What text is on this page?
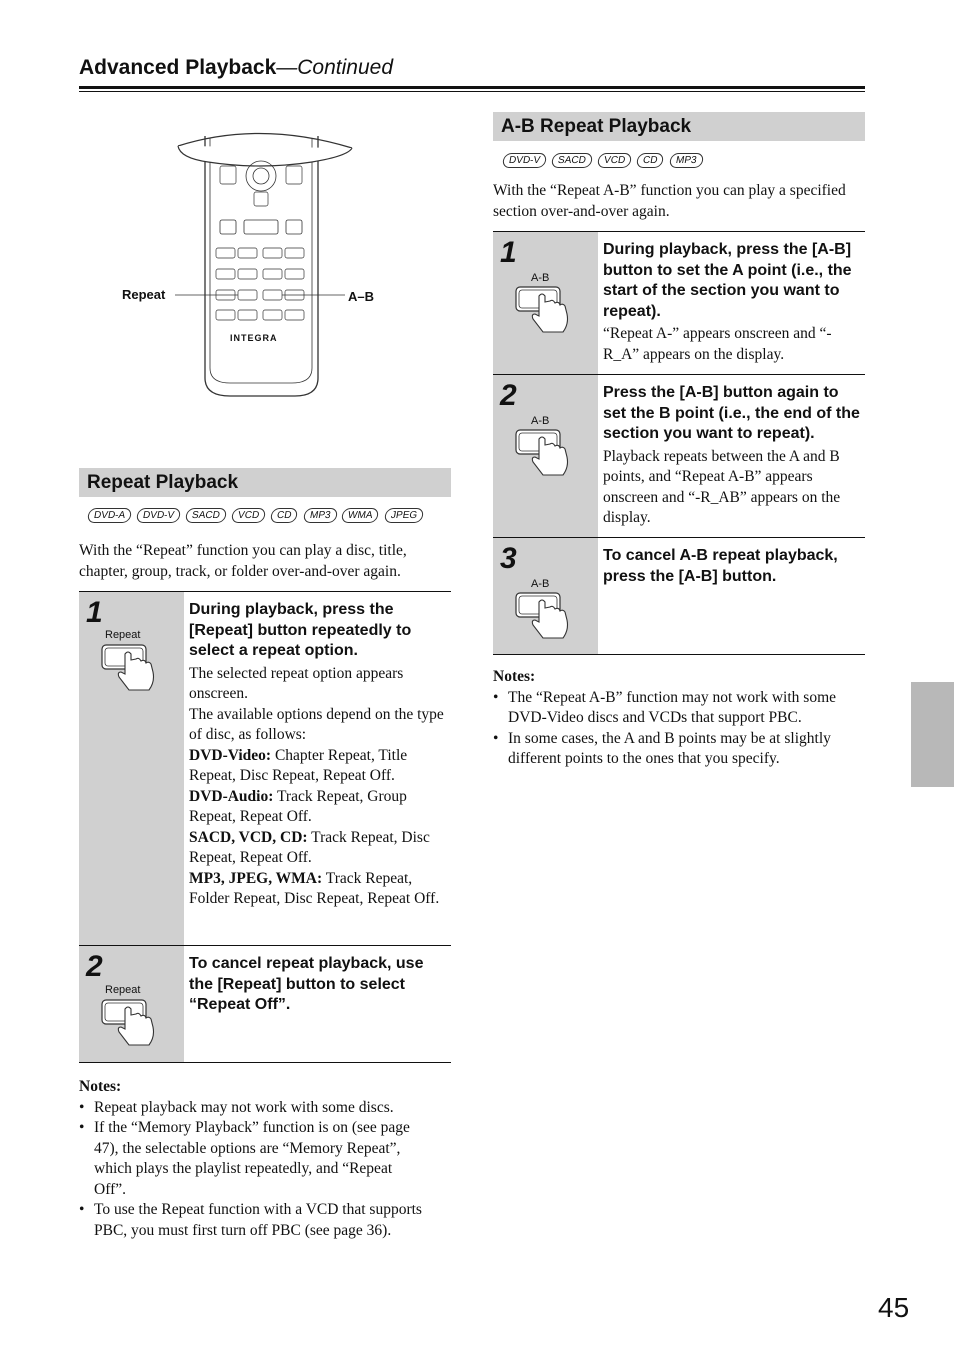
Advanced Playback—Continued
Repeat	A–B
INTEGRA
Repeat Playback
DVD-A	DVD-V	SACD	VCD	CD	MP3	WMA	JPEG
With the “Repeat” function you can play a disc, title, chapter, group, track, or folder over-and-over again.
1
Repeat
During playback, press the [Repeat] button repeatedly to select a repeat option.

The selected repeat option appears onscreen.

The available options depend on the type of disc, as follows:

DVD-Video: Chapter Repeat, Title Repeat, Disc Repeat, Repeat Off.

DVD-Audio: Track Repeat, Group Repeat, Repeat Off.

SACD, VCD, CD: Track Repeat, Disc Repeat, Repeat Off.

MP3, JPEG, WMA: Track Repeat, Folder Repeat, Disc Repeat, Repeat Off.

2
Repeat
To cancel repeat playback, use the [Repeat] button to select “Repeat Off”.
Notes:
• Repeat playback may not work with some discs.
• If the “Memory Playback” function is on (see page 47), the selectable options are “Memory Repeat”, which plays the playlist repeatedly, and “Repeat Off”.
• To use the Repeat function with a VCD that supports PBC, you must first turn off PBC (see page 36).
A-B Repeat Playback
DVD-V	SACD	VCD	CD	MP3
With the “Repeat A-B” function you can play a specified section over-and-over again.
1
A-B
During playback, press the [A-B] button to set the A point (i.e., the start of the section you want to repeat).

“Repeat A-” appears onscreen and “-R_A” appears on the display.

2
A-B
Press the [A-B] button again to set the B point (i.e., the end of the section you want to repeat).

Playback repeats between the A and B points, and “Repeat A-B” appears onscreen and “-R_AB” appears on the display.

3
A-B
To cancel A-B repeat playback, press the [A-B] button.
Notes:
• The “Repeat A-B” function may not work with some DVD-Video discs and VCDs that support PBC.
• In some cases, the A and B points may be at slightly different points to the ones that you specify.
45
